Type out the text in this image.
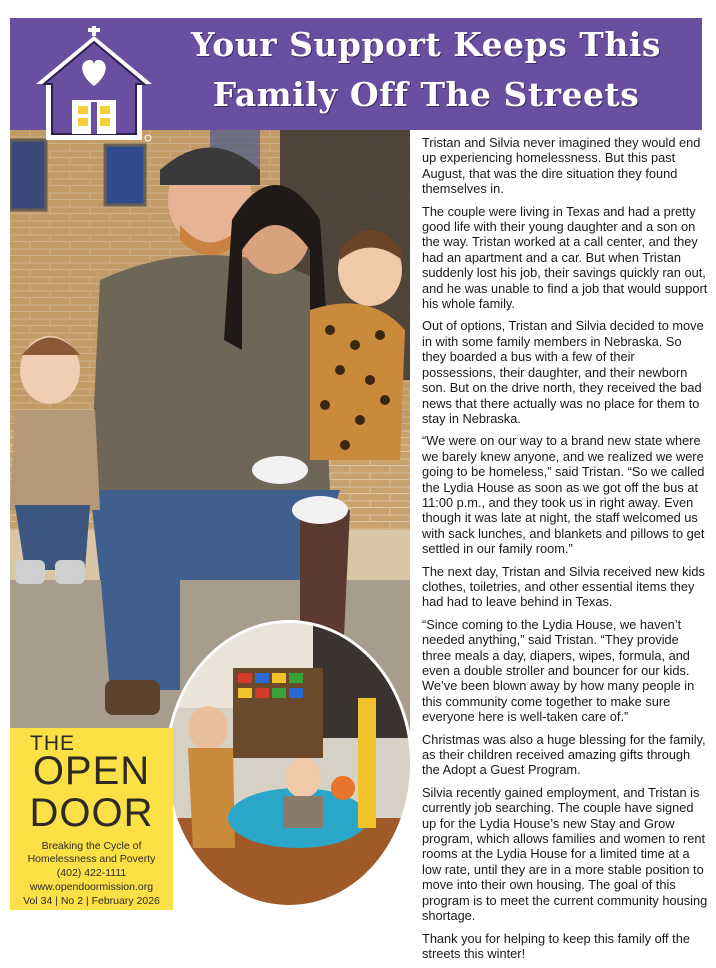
Your Support Keeps This
Family Off The Streets
THE
OPEN
DOOR
Breaking the Cycle of Homelessness and Poverty
(402) 422-1111
www.opendoormission.org
Vol 34 | No 2 | February 2026

Tristan and Silvia never imagined they would end up experiencing homelessness. But this past August, that was the dire situation they found themselves in.

The couple were living in Texas and had a pretty good life with their young daughter and a son on the way. Tristan worked at a call center, and they had an apartment and a car. But when Tristan suddenly lost his job, their savings quickly ran out, and he was unable to find a job that would support his whole family.

Out of options, Tristan and Silvia decided to move in with some family members in Nebraska. So they boarded a bus with a few of their possessions, their daughter, and their newborn son. But on the drive north, they received the bad news that there actually was no place for them to stay in Nebraska.

“We were on our way to a brand new state where we barely knew anyone, and we realized we were going to be homeless,” said Tristan. “So we called the Lydia House as soon as we got off the bus at 11:00 p.m., and they took us in right away. Even though it was late at night, the staff welcomed us with sack lunches, and blankets and pillows to get settled in our family room.”

The next day, Tristan and Silvia received new kids clothes, toiletries, and other essential items they had had to leave behind in Texas.

“Since coming to the Lydia House, we haven’t needed anything,” said Tristan. “They provide three meals a day, diapers, wipes, formula, and even a double stroller and bouncer for our kids. We’ve been blown away by how many people in this community come together to make sure everyone here is well-taken care of.”

Christmas was also a huge blessing for the family, as their children received amazing gifts through the Adopt a Guest Program.

Silvia recently gained employment, and Tristan is currently job searching. The couple have signed up for the Lydia House’s new Stay and Grow program, which allows families and women to rent rooms at the Lydia House for a limited time at a low rate, until they are in a more stable position to move into their own housing. The goal of this program is to meet the current community housing shortage.

Thank you for helping to keep this family off the streets this winter!
